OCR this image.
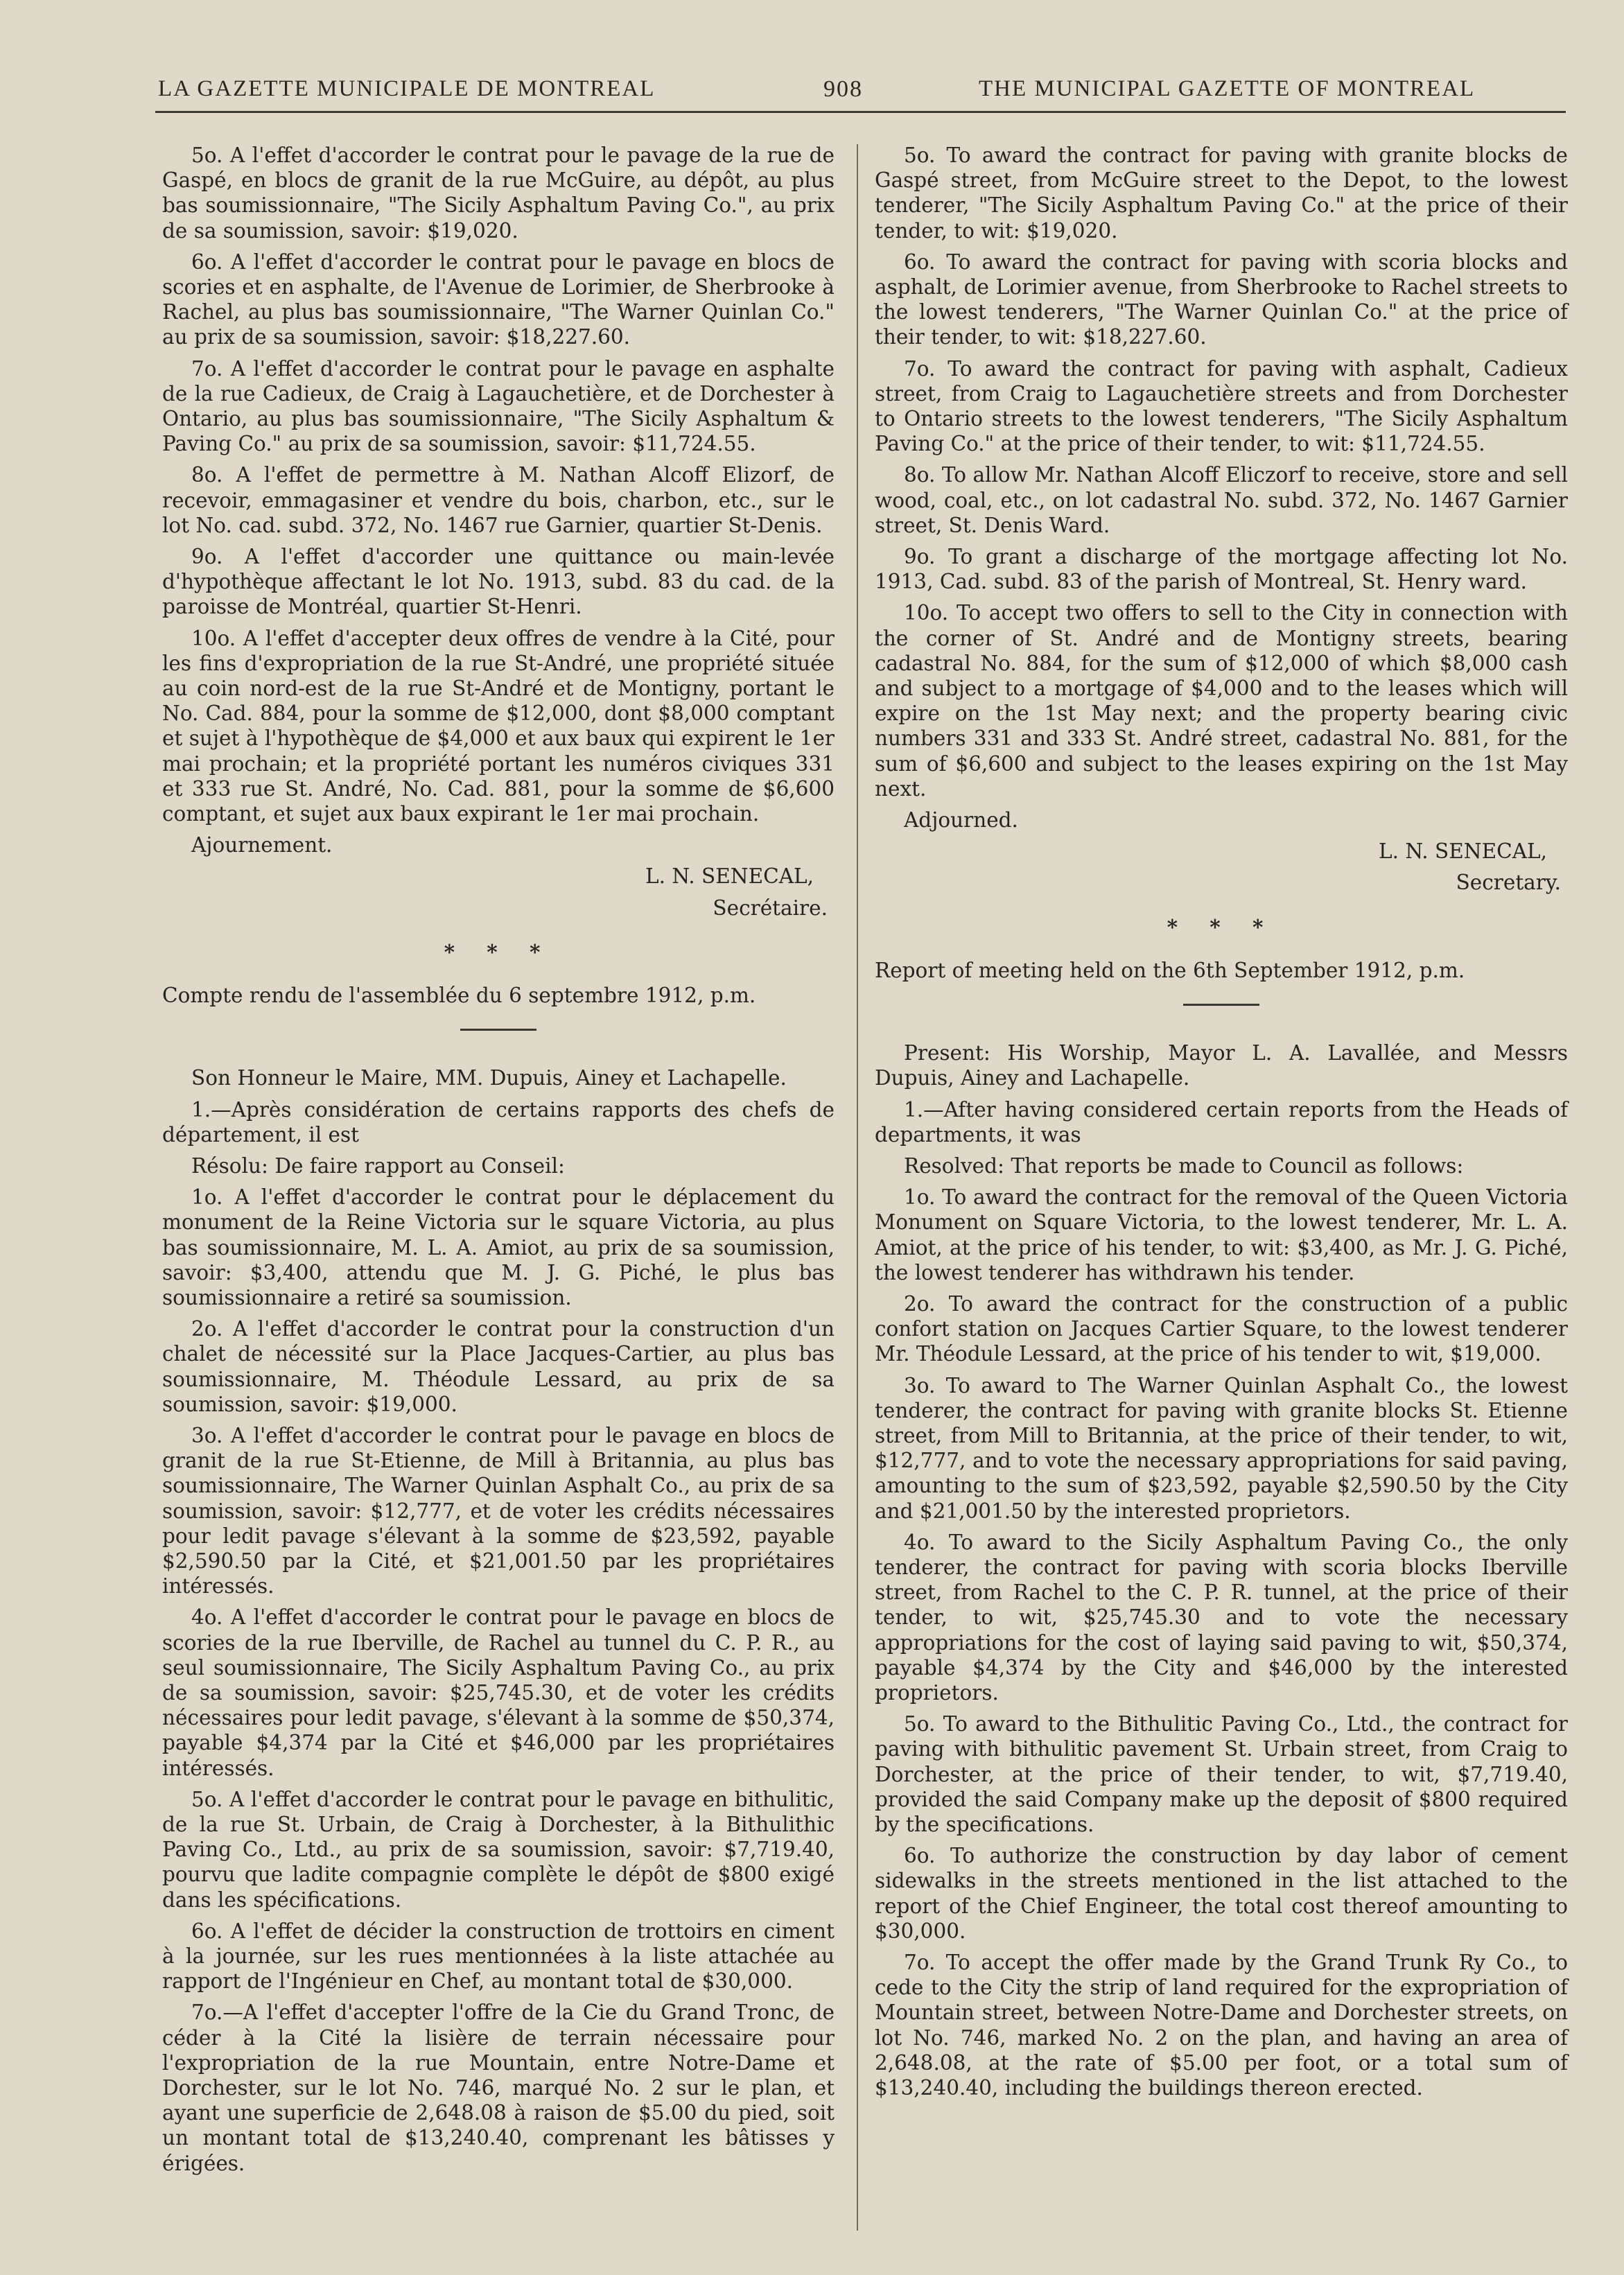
LA GAZETTE MUNICIPALE DE MONTREAL	908	THE MUNICIPAL GAZETTE OF MONTREAL

5o. A l'effet d'accorder le contrat pour le pavage de la rue de Gaspé, en blocs de granit de la rue McGuire, au dépôt, au plus bas soumissionnaire, "The Sicily Asphaltum Paving Co.", au prix de sa soumission, savoir: $19,020.

6o. A l'effet d'accorder le contrat pour le pavage en blocs de scories et en asphalte, de l'Avenue de Lorimier, de Sherbrooke à Rachel, au plus bas soumissionnaire, "The Warner Quinlan Co." au prix de sa soumission, savoir: $18,227.60.

7o. A l'effet d'accorder le contrat pour le pavage en asphalte de la rue Cadieux, de Craig à Lagauchetière, et de Dorchester à Ontario, au plus bas soumissionnaire, "The Sicily Asphaltum & Paving Co." au prix de sa soumission, savoir: $11,724.55.

8o. A l'effet de permettre à M. Nathan Alcoff Elizorf, de recevoir, emmagasiner et vendre du bois, charbon, etc., sur le lot No. cad. subd. 372, No. 1467 rue Garnier, quartier St-Denis.

9o. A l'effet d'accorder une quittance ou main-levée d'hypothèque affectant le lot No. 1913, subd. 83 du cad. de la paroisse de Montréal, quartier St-Henri.

10o. A l'effet d'accepter deux offres de vendre à la Cité, pour les fins d'expropriation de la rue St-André, une propriété située au coin nord-est de la rue St-André et de Montigny, portant le No. Cad. 884, pour la somme de $12,000, dont $8,000 comptant et sujet à l'hypothèque de $4,000 et aux baux qui expirent le 1er mai prochain; et la propriété portant les numéros civiques 331 et 333 rue St. André, No. Cad. 881, pour la somme de $6,600 comptant, et sujet aux baux expirant le 1er mai prochain.

Ajournement.

L. N. SENECAL,

Secrétaire.

* * *

Compte rendu de l'assemblée du 6 septembre 1912, p.m.

Son Honneur le Maire, MM. Dupuis, Ainey et Lachapelle.

1.—Après considération de certains rapports des chefs de département, il est

Résolu: De faire rapport au Conseil:

1o. A l'effet d'accorder le contrat pour le déplacement du monument de la Reine Victoria sur le square Victoria, au plus bas soumissionnaire, M. L. A. Amiot, au prix de sa soumission, savoir: $3,400, attendu que M. J. G. Piché, le plus bas soumissionnaire a retiré sa soumission.

2o. A l'effet d'accorder le contrat pour la construction d'un chalet de nécessité sur la Place Jacques-Cartier, au plus bas soumissionnaire, M. Théodule Lessard, au prix de sa soumission, savoir: $19,000.

3o. A l'effet d'accorder le contrat pour le pavage en blocs de granit de la rue St-Etienne, de Mill à Britannia, au plus bas soumissionnaire, The Warner Quinlan Asphalt Co., au prix de sa soumission, savoir: $12,777, et de voter les crédits nécessaires pour ledit pavage s'élevant à la somme de $23,592, payable $2,590.50 par la Cité, et $21,001.50 par les propriétaires intéressés.

4o. A l'effet d'accorder le contrat pour le pavage en blocs de scories de la rue Iberville, de Rachel au tunnel du C. P. R., au seul soumissionnaire, The Sicily Asphaltum Paving Co., au prix de sa soumission, savoir: $25,745.30, et de voter les crédits nécessaires pour ledit pavage, s'élevant à la somme de $50,374, payable $4,374 par la Cité et $46,000 par les propriétaires intéressés.

5o. A l'effet d'accorder le contrat pour le pavage en bithulitic, de la rue St. Urbain, de Craig à Dorchester, à la Bithulithic Paving Co., Ltd., au prix de sa soumission, savoir: $7,719.40, pourvu que ladite compagnie complète le dépôt de $800 exigé dans les spécifications.

6o. A l'effet de décider la construction de trottoirs en ciment à la journée, sur les rues mentionnées à la liste attachée au rapport de l'Ingénieur en Chef, au montant total de $30,000.

7o.—A l'effet d'accepter l'offre de la Cie du Grand Tronc, de céder à la Cité la lisière de terrain nécessaire pour l'expropriation de la rue Mountain, entre Notre-Dame et Dorchester, sur le lot No. 746, marqué No. 2 sur le plan, et ayant une superficie de 2,648.08 à raison de $5.00 du pied, soit un montant total de $13,240.40, comprenant les bâtisses y érigées.

5o. To award the contract for paving with granite blocks de Gaspé street, from McGuire street to the Depot, to the lowest tenderer, "The Sicily Asphaltum Paving Co." at the price of their tender, to wit: $19,020.

6o. To award the contract for paving with scoria blocks and asphalt, de Lorimier avenue, from Sherbrooke to Rachel streets to the lowest tenderers, "The Warner Quinlan Co." at the price of their tender, to wit: $18,227.60.

7o. To award the contract for paving with asphalt, Cadieux street, from Craig to Lagauchetière streets and from Dorchester to Ontario streets to the lowest tenderers, "The Sicily Asphaltum Paving Co." at the price of their tender, to wit: $11,724.55.

8o. To allow Mr. Nathan Alcoff Eliczorf to receive, store and sell wood, coal, etc., on lot cadastral No. subd. 372, No. 1467 Garnier street, St. Denis Ward.

9o. To grant a discharge of the mortgage affecting lot No. 1913, Cad. subd. 83 of the parish of Montreal, St. Henry ward.

10o. To accept two offers to sell to the City in connection with the corner of St. André and de Montigny streets, bearing cadastral No. 884, for the sum of $12,000 of which $8,000 cash and subject to a mortgage of $4,000 and to the leases which will expire on the 1st May next; and the property bearing civic numbers 331 and 333 St. André street, cadastral No. 881, for the sum of $6,600 and subject to the leases expiring on the 1st May next.

Adjourned.

L. N. SENECAL,

Secretary.

* * *

Report of meeting held on the 6th September 1912, p.m.

Present: His Worship, Mayor L. A. Lavallée, and Messrs Dupuis, Ainey and Lachapelle.

1.—After having considered certain reports from the Heads of departments, it was

Resolved: That reports be made to Council as follows:

1o. To award the contract for the removal of the Queen Victoria Monument on Square Victoria, to the lowest tenderer, Mr. L. A. Amiot, at the price of his tender, to wit: $3,400, as Mr. J. G. Piché, the lowest tenderer has withdrawn his tender.

2o. To award the contract for the construction of a public confort station on Jacques Cartier Square, to the lowest tenderer Mr. Théodule Lessard, at the price of his tender to wit, $19,000.

3o. To award to The Warner Quinlan Asphalt Co., the lowest tenderer, the contract for paving with granite blocks St. Etienne street, from Mill to Britannia, at the price of their tender, to wit, $12,777, and to vote the necessary appropriations for said paving, amounting to the sum of $23,592, payable $2,590.50 by the City and $21,001.50 by the interested proprietors.

4o. To award to the Sicily Asphaltum Paving Co., the only tenderer, the contract for paving with scoria blocks Iberville street, from Rachel to the C. P. R. tunnel, at the price of their tender, to wit, $25,745.30 and to vote the necessary appropriations for the cost of laying said paving to wit, $50,374, payable $4,374 by the City and $46,000 by the interested proprietors.

5o. To award to the Bithulitic Paving Co., Ltd., the contract for paving with bithulitic pavement St. Urbain street, from Craig to Dorchester, at the price of their tender, to wit, $7,719.40, provided the said Company make up the deposit of $800 required by the specifications.

6o. To authorize the construction by day labor of cement sidewalks in the streets mentioned in the list attached to the report of the Chief Engineer, the total cost thereof amounting to $30,000.

7o. To accept the offer made by the Grand Trunk Ry Co., to cede to the City the strip of land required for the expropriation of Mountain street, between Notre-Dame and Dorchester streets, on lot No. 746, marked No. 2 on the plan, and having an area of 2,648.08, at the rate of $5.00 per foot, or a total sum of $13,240.40, including the buildings thereon erected.
